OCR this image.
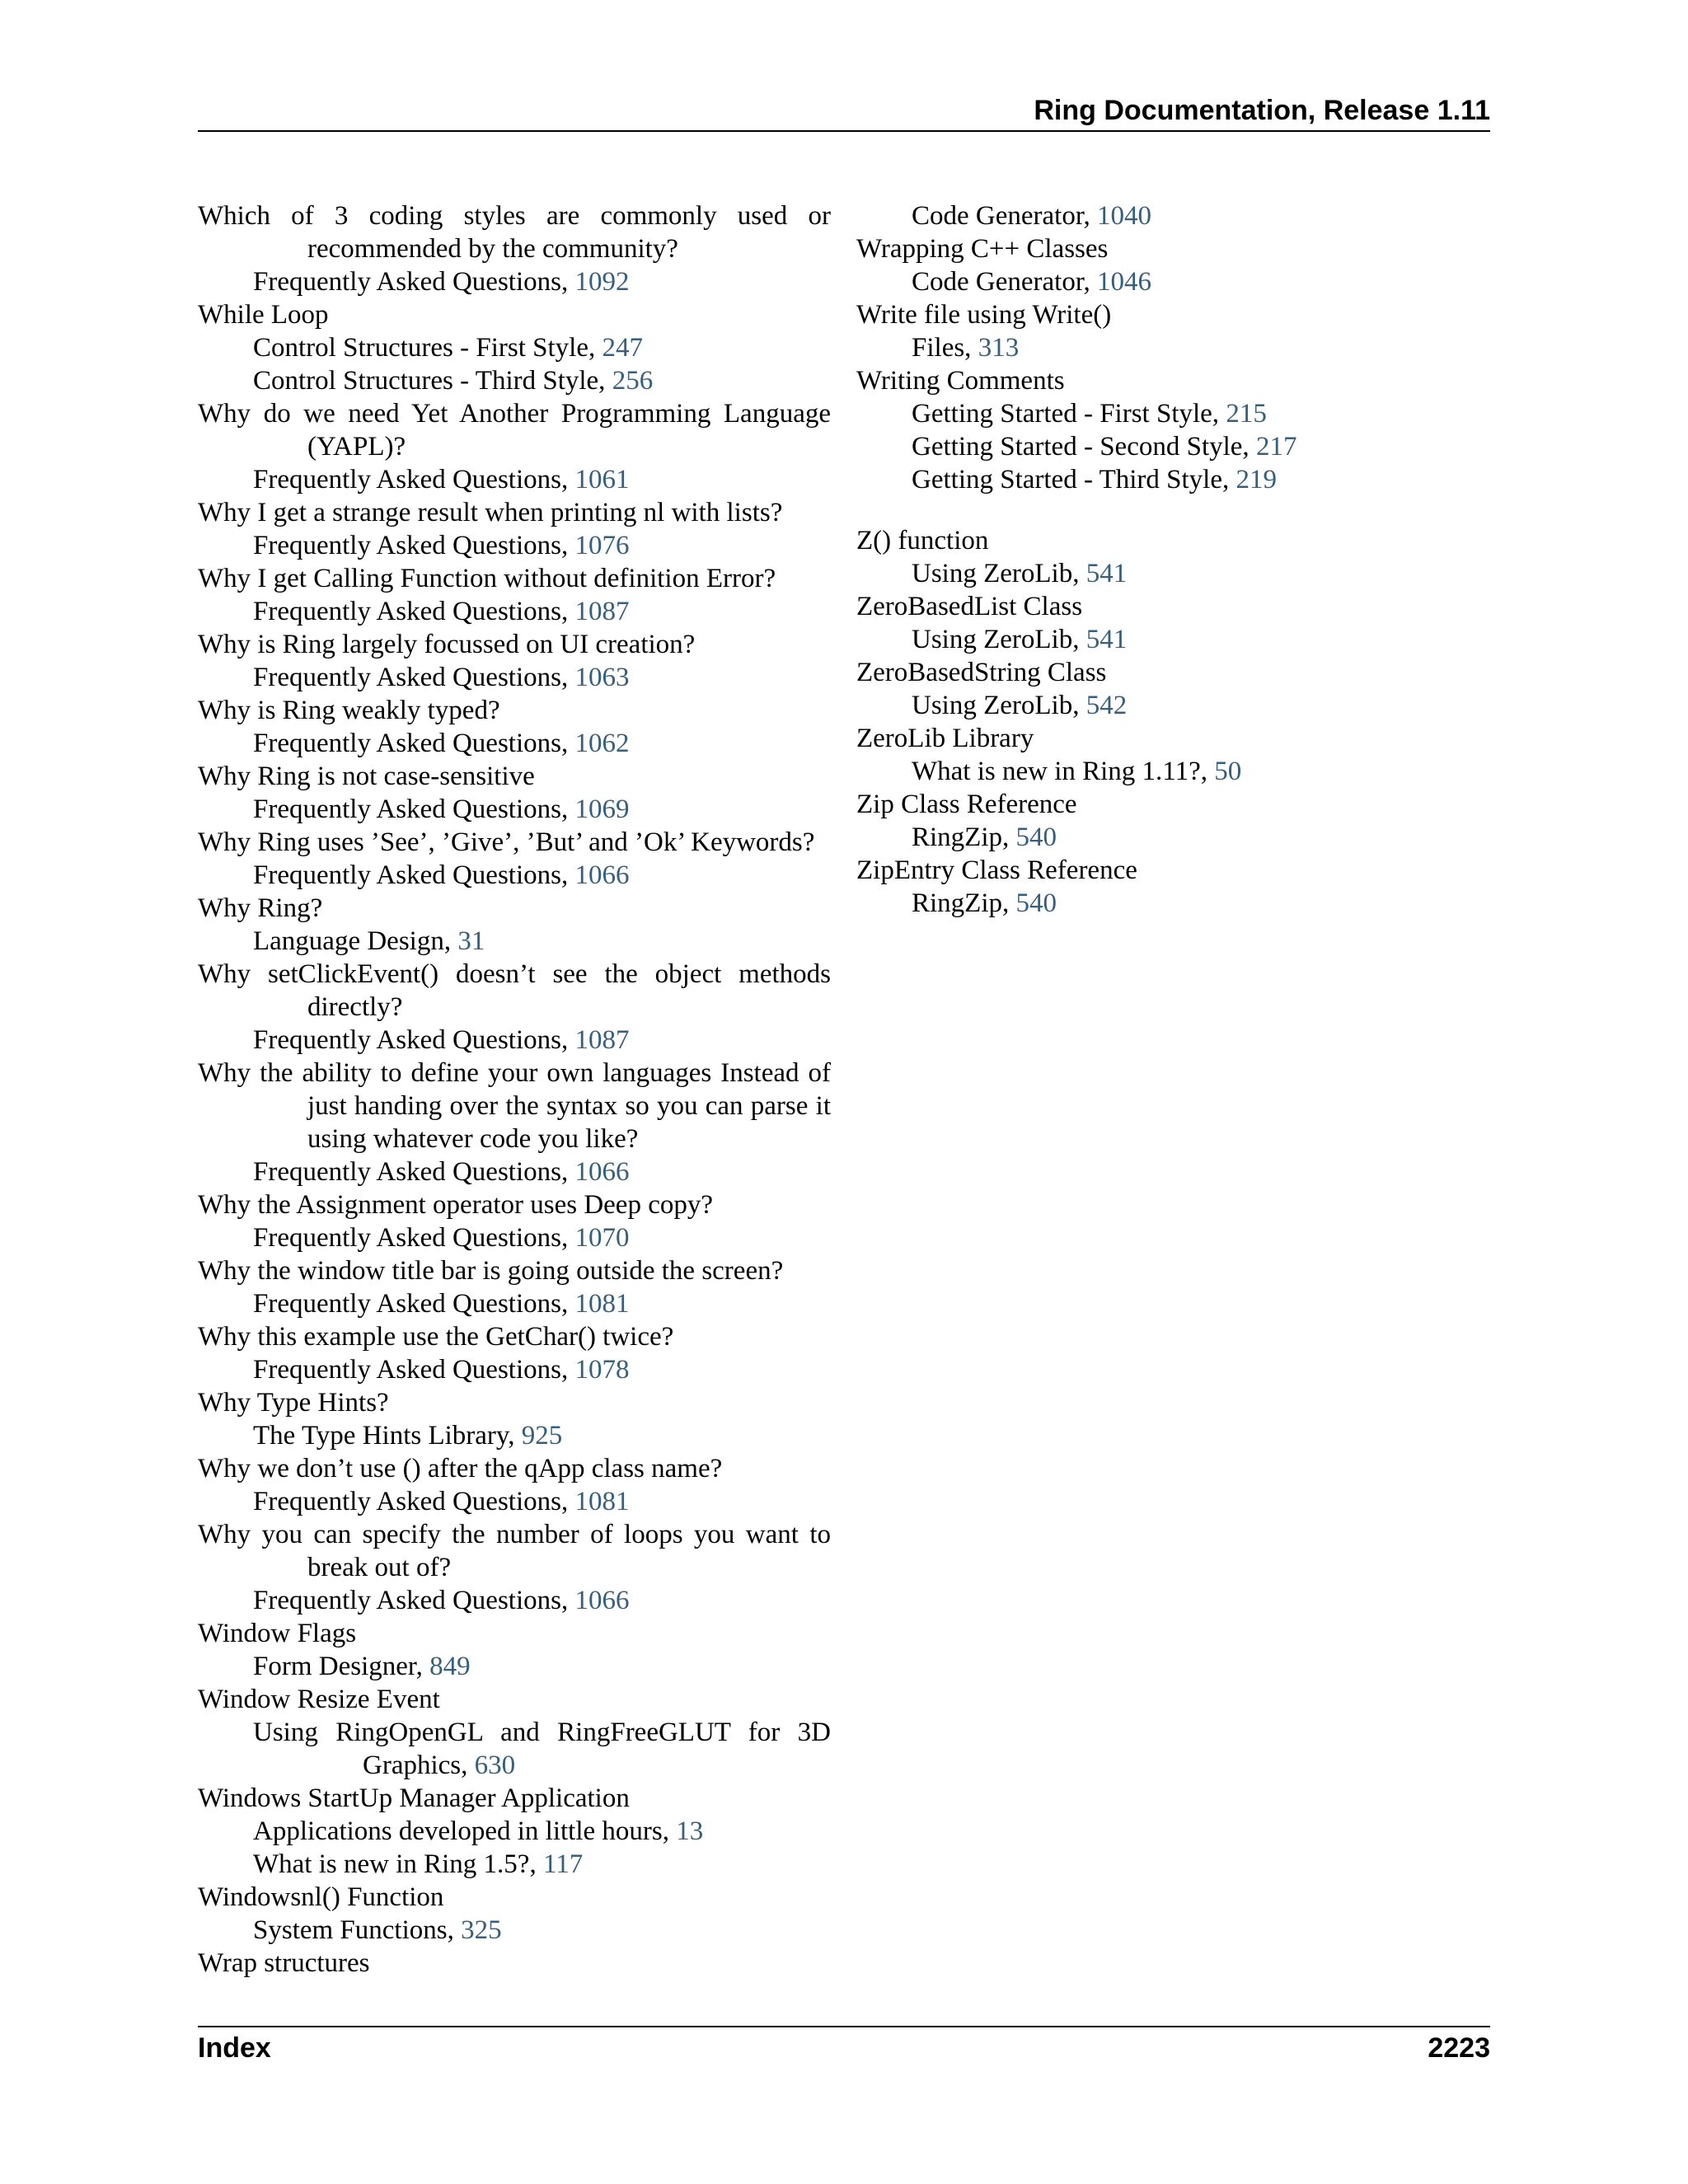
Ring Documentation, Release 1.11

Which of 3 coding styles are commonly used or recommended by the community?

Frequently Asked Questions, 1092

While Loop

Control Structures - First Style, 247

Control Structures - Third Style, 256

Why do we need Yet Another Programming Language (YAPL)?

Frequently Asked Questions, 1061

Why I get a strange result when printing nl with lists?

Frequently Asked Questions, 1076

Why I get Calling Function without definition Error?

Frequently Asked Questions, 1087

Why is Ring largely focussed on UI creation?

Frequently Asked Questions, 1063

Why is Ring weakly typed?

Frequently Asked Questions, 1062

Why Ring is not case-sensitive

Frequently Asked Questions, 1069

Why Ring uses ’See’, ’Give’, ’But’ and ’Ok’ Keywords?

Frequently Asked Questions, 1066

Why Ring?

Language Design, 31

Why setClickEvent() doesn’t see the object methods directly?

Frequently Asked Questions, 1087

Why the ability to define your own languages Instead of just handing over the syntax so you can parse it using whatever code you like?

Frequently Asked Questions, 1066

Why the Assignment operator uses Deep copy?

Frequently Asked Questions, 1070

Why the window title bar is going outside the screen?

Frequently Asked Questions, 1081

Why this example use the GetChar() twice?

Frequently Asked Questions, 1078

Why Type Hints?

The Type Hints Library, 925

Why we don’t use () after the qApp class name?

Frequently Asked Questions, 1081

Why you can specify the number of loops you want to break out of?

Frequently Asked Questions, 1066

Window Flags

Form Designer, 849

Window Resize Event

Using RingOpenGL and RingFreeGLUT for 3D Graphics, 630

Windows StartUp Manager Application

Applications developed in little hours, 13

What is new in Ring 1.5?, 117

Windowsnl() Function

System Functions, 325

Wrap structures

Code Generator, 1040

Wrapping C++ Classes

Code Generator, 1046

Write file using Write()

Files, 313

Writing Comments

Getting Started - First Style, 215

Getting Started - Second Style, 217

Getting Started - Third Style, 219

Z() function

Using ZeroLib, 541

ZeroBasedList Class

Using ZeroLib, 541

ZeroBasedString Class

Using ZeroLib, 542

ZeroLib Library

What is new in Ring 1.11?, 50

Zip Class Reference

RingZip, 540

ZipEntry Class Reference

RingZip, 540

Index	2223
